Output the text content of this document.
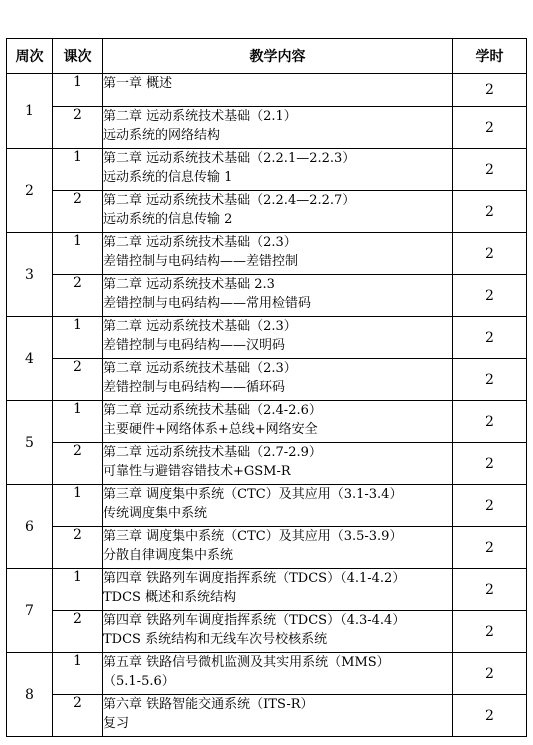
周次	课次	教学内容	学时
1	1	第一章 概述	2
	2	第二章 远动系统技术基础（2.1）
远动系统的网络结构	2
2	1	第二章 远动系统技术基础（2.2.1—2.2.3）
远动系统的信息传输 1	2
	2	第二章 远动系统技术基础（2.2.4—2.2.7）
远动系统的信息传输 2	2
3	1	第二章 远动系统技术基础（2.3）
差错控制与电码结构——差错控制	2
	2	第二章 远动系统技术基础 2.3
差错控制与电码结构——常用检错码	2
4	1	第二章 远动系统技术基础（2.3）
差错控制与电码结构——汉明码	2
	2	第二章 远动系统技术基础（2.3）
差错控制与电码结构——循环码	2
5	1	第二章 远动系统技术基础（2.4-2.6）
主要硬件+网络体系+总线+网络安全	2
	2	第二章 远动系统技术基础（2.7-2.9）
可靠性与避错容错技术+GSM-R	2
6	1	第三章 调度集中系统（CTC）及其应用（3.1-3.4）
传统调度集中系统	2
	2	第三章 调度集中系统（CTC）及其应用（3.5-3.9）
分散自律调度集中系统	2
7	1	第四章 铁路列车调度指挥系统（TDCS）（4.1-4.2）
TDCS 概述和系统结构	2
	2	第四章 铁路列车调度指挥系统（TDCS）（4.3-4.4）
TDCS 系统结构和无线车次号校核系统	2
8	1	第五章 铁路信号微机监测及其实用系统（MMS）
（5.1-5.6）	2
	2	第六章 铁路智能交通系统（ITS-R）
复习	2
